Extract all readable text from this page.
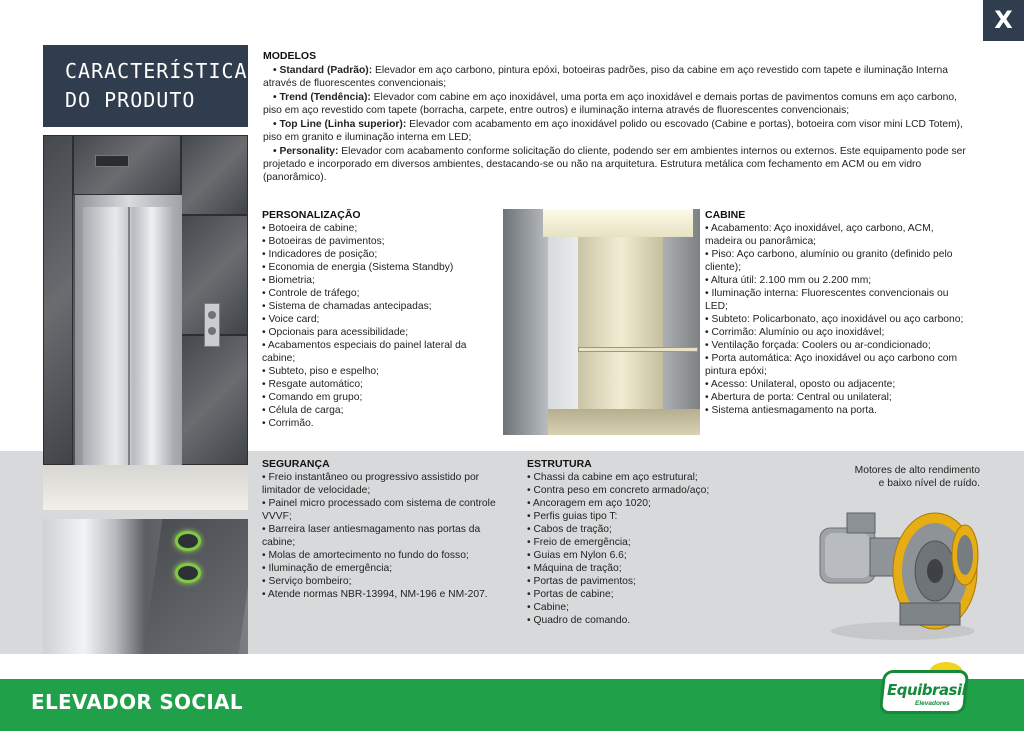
ELEVADOR SOCIAL
X
CARACTERÍSTICAS
DO PRODUTO
MODELOS
• Standard (Padrão): Elevador em aço carbono, pintura epóxi, botoeiras padrões, piso da cabine em aço revestido com tapete e iluminação Interna através de fluorescentes convencionais;
• Trend (Tendência): Elevador com cabine em aço inoxidável, uma porta em aço inoxidável e demais portas de pavimentos comuns em aço carbono, piso em aço revestido com tapete (borracha, carpete, entre outros) e iluminação interna através de fluorescentes convencionais;
• Top Line (Linha superior): Elevador com acabamento em aço inoxidável polido ou escovado (Cabine e portas), botoeira com visor mini LCD Totem), piso em granito e iluminação interna em LED;
• Personality: Elevador com acabamento conforme solicitação do cliente, podendo ser em ambientes internos ou externos. Este equipamento pode ser projetado e incorporado em diversos ambientes, destacando-se ou não na arquitetura. Estrutura metálica com fechamento em ACM ou em vidro (panorâmico).
PERSONALIZAÇÃO
• Botoeira de cabine;
• Botoeiras de pavimentos;
• Indicadores de posição;
• Economia de energia (Sistema Standby)
• Biometria;
• Controle de tráfego;
• Sistema de chamadas antecipadas;
• Voice card;
• Opcionais para acessibilidade;
• Acabamentos especiais do painel lateral da cabine;
• Subteto, piso e espelho;
• Resgate automático;
• Comando em grupo;
• Célula de carga;
• Corrimão.
CABINE
• Acabamento: Aço inoxidável, aço carbono, ACM, madeira ou panorâmica;
• Piso: Aço carbono, alumínio ou granito (definido pelo cliente);
• Altura útil: 2.100 mm ou 2.200 mm;
• Iluminação interna: Fluorescentes convencionais ou LED;
• Subteto: Policarbonato, aço inoxidável ou aço carbono;
• Corrimão: Alumínio ou aço inoxidável;
• Ventilação forçada: Coolers ou ar-condicionado;
• Porta automática: Aço inoxidável ou aço carbono com pintura epóxi;
• Acesso: Unilateral, oposto ou adjacente;
• Abertura de porta: Central ou unilateral;
• Sistema antiesmagamento na porta.
SEGURANÇA
• Freio instantâneo ou progressivo assistido por limitador de velocidade;
• Painel micro processado com sistema de controle VVVF;
• Barreira laser antiesmagamento nas portas da cabine;
• Molas de amortecimento no fundo do fosso;
• Iluminação de emergência;
• Serviço bombeiro;
• Atende normas NBR-13994, NM-196 e NM-207.
ESTRUTURA
• Chassi da cabine em aço estrutural;
• Contra peso em concreto armado/aço;
• Ancoragem em aço 1020;
• Perfis guias tipo T:
• Cabos de tração;
• Freio de emergência;
• Guias em Nylon 6.6;
• Máquina de tração;
• Portas de pavimentos;
• Portas de cabine;
• Cabine;
• Quadro de comando.
Motores de alto rendimento
e baixo nível de ruído.
Equibrasil
Elevadores
